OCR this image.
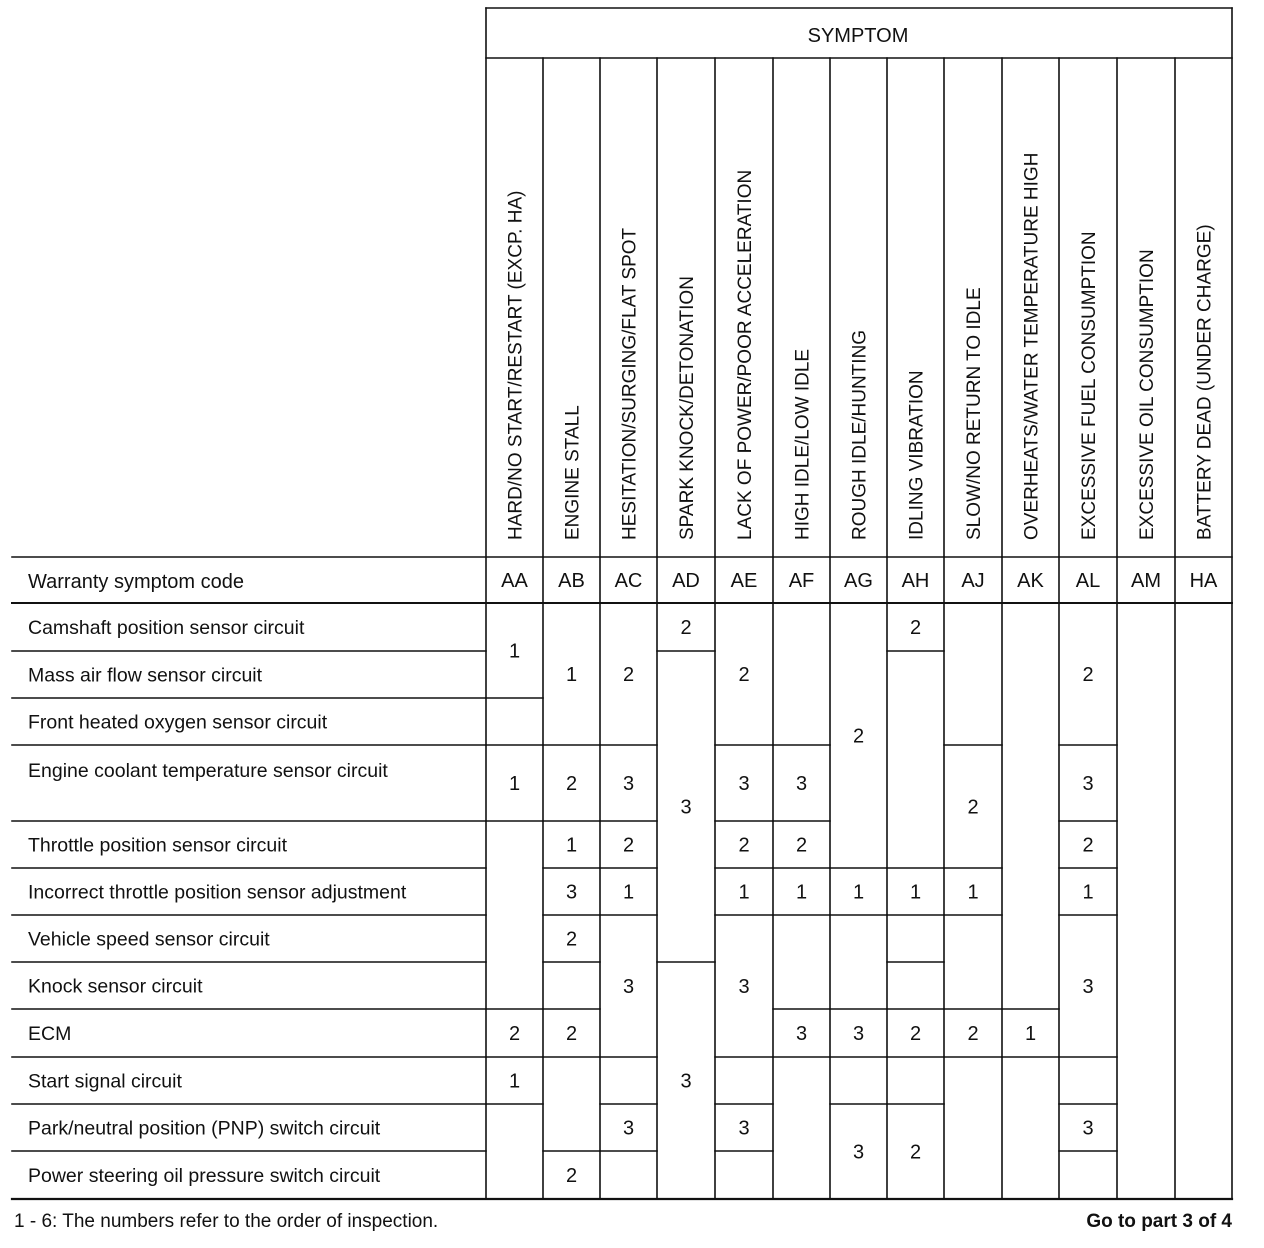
SYMPTOM
Warranty symptom code
HARD/NO START/RESTART (EXCP. HA) ENGINE STALL HESITATION/SURGING/FLAT SPOT SPARK KNOCK/DETONATION LACK OF POWER/POOR ACCELERATION HIGH IDLE/LOW IDLE ROUGH IDLE/HUNTING IDLING VIBRATION SLOW/NO RETURN TO IDLE OVERHEATS/WATER TEMPERATURE HIGH EXCESSIVE FUEL CONSUMPTION EXCESSIVE OIL CONSUMPTION BATTERY DEAD (UNDER CHARGE)
AA AB AC AD AE AF AG AH AJ AK AL AM HA
Camshaft position sensor circuit
Mass air flow sensor circuit
Front heated oxygen sensor circuit
Engine coolant temperature sensor circuit
Throttle position sensor circuit
Incorrect throttle position sensor adjustment
Vehicle speed sensor circuit
Knock sensor circuit
ECM
Start signal circuit
Park/neutral position (PNP) switch circuit
Power steering oil pressure switch circuit
1
1
2
1
1
2
1
3
2
2
2
2
3
2
1
3
3
2
3
3
2
3
2
1
3
3
3
2
1
3
2
1
3
3
2
1
2
2
2
1
2 1
2
3
2
1
3
3
1 - 6: The numbers refer to the order of inspection.	Go to part 3 of 4
